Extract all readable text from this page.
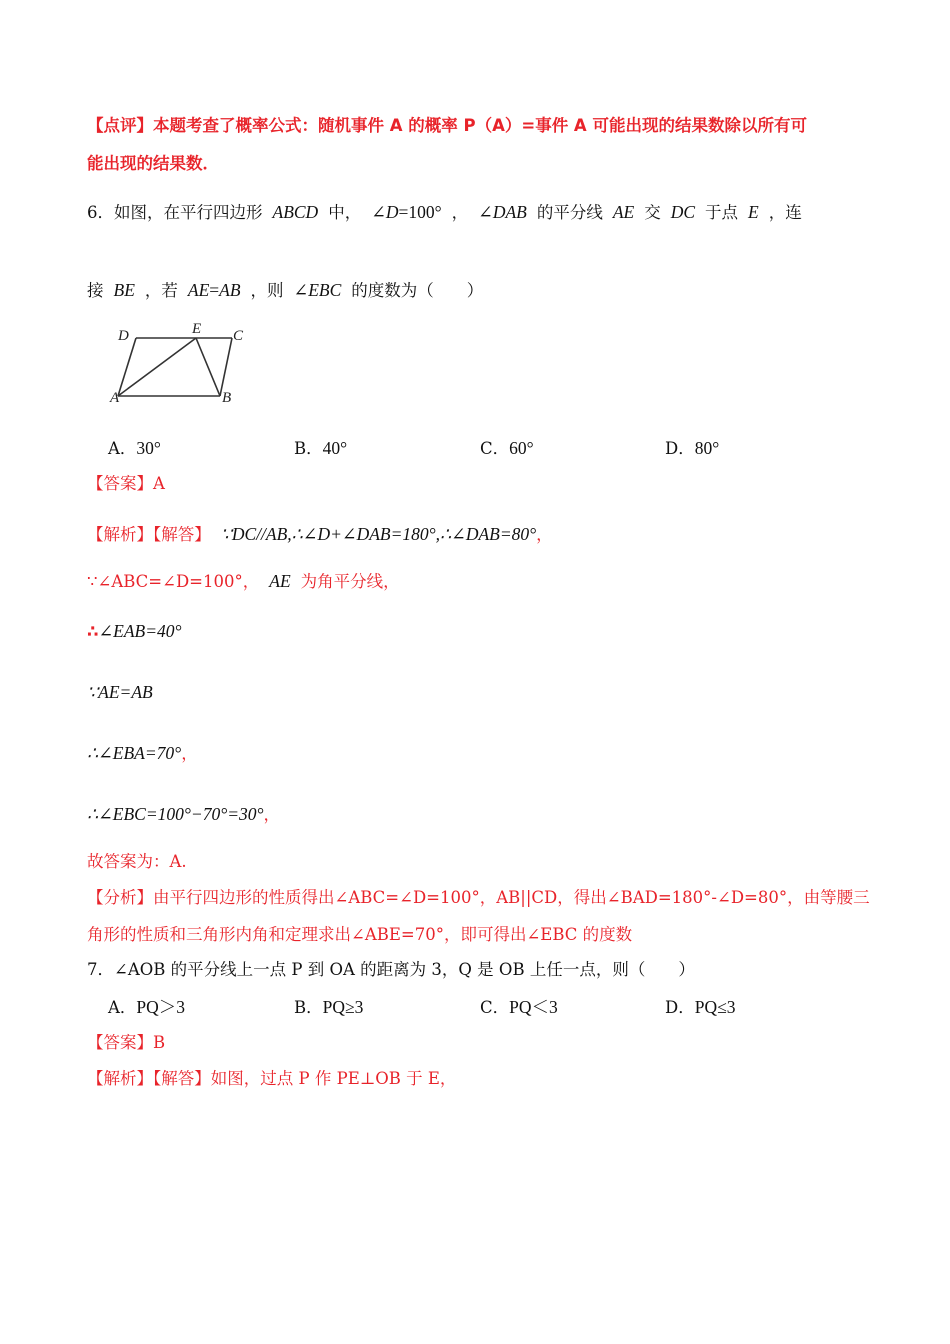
【点评】本题考查了概率公式：随机事件 A 的概率 P（A）=事件 A 可能出现的结果数除以所有可
能出现的结果数．
6．如图，在平行四边形 ABCD 中， ∠D=100° ， ∠DAB 的平分线 AE 交 DC 于点 E ，连
接 BE ，若 AE=AB ，则 ∠EBC 的度数为（　　）
D	E C
A	B
A．30°	B．40°	C．60°	D．80°
【答案】A
【解析】【解答】 ∵DC//AB,∴∠D+∠DAB=180°,∴∠DAB=80°，
∵∠ABC=∠D=100°， AE 为角平分线，
∴∠EAB=40°
∵AE=AB
∴∠EBA=70°，
∴∠EBC=100°−70°=30°，
故答案为：A.
【分析】由平行四边形的性质得出∠ABC=∠D=100°，AB||CD，得出∠BAD=180°-∠D=80°，由等腰三
角形的性质和三角形内角和定理求出∠ABE=70°，即可得出∠EBC 的度数
7．∠AOB 的平分线上一点 P 到 OA 的距离为 3，Q 是 OB 上任一点，则（　　）
A．PQ＞3	B．PQ≥3	C．PQ＜3	D．PQ≤3
【答案】B
【解析】【解答】如图，过点 P 作 PE⊥OB 于 E，
